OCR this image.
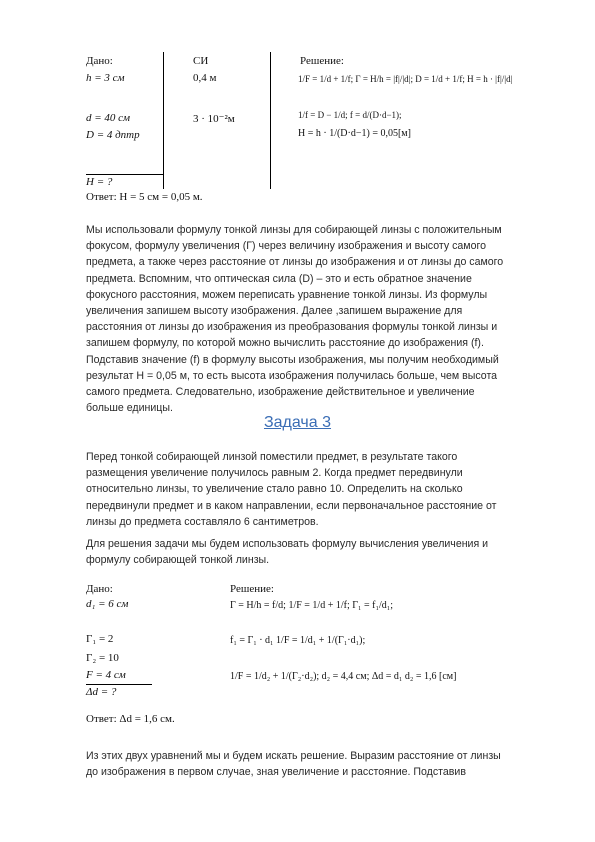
Дано:
h = 3 см
d = 40 см
D = 4 дптр
H = ?
Ответ: H = 5 см = 0,05 м.
СИ
0,4 м
3 · 10⁻²м
Решение:
1/F = 1/d + 1/f; Г = H/h = |f|/|d|; D = 1/d + 1/f; H = h · |f|/|d|
1/f = D − 1/d; f = d/(D·d−1);
H = h · 1/(D·d−1) = 0,05[м]
Мы использовали формулу тонкой линзы для собирающей линзы с положительным
фокусом, формулу увеличения (Г) через величину изображения и высоту самого
предмета, а также через расстояние от линзы до изображения и от линзы до самого
предмета. Вспомним, что оптическая сила (D) – это и есть обратное значение
фокусного расстояния, можем переписать уравнение тонкой линзы. Из формулы
увеличения запишем высоту изображения. Далее ,запишем выражение для
расстояния от линзы до изображения из преобразования формулы тонкой линзы и
запишем формулу, по которой можно вычислить расстояние до изображения (f).
Подставив значение (f) в формулу высоты изображения, мы получим необходимый
результат H = 0,05 м, то есть высота изображения получилась больше, чем высота
самого предмета. Следовательно, изображение действительное и увеличение
больше единицы.
Задача 3
Перед тонкой собирающей линзой поместили предмет, в результате такого
размещения увеличение получилось равным 2. Когда предмет передвинули
относительно линзы, то увеличение стало равно 10. Определить на сколько
передвинули предмет и в каком направлении, если первоначальное расстояние от
линзы до предмета составляло 6 сантиметров.
Для решения задачи мы будем использовать формулу вычисления увеличения и
формулу собирающей тонкой линзы.
Дано:
d₁ = 6 см
Г₁ = 2
Г₂ = 10
F = 4 см
Δd = ?
Ответ: Δd = 1,6 см.
Решение:
Г = H/h = f/d; 1/F = 1/d + 1/f; Г₁ = f₁/d₁;
f₁ = Г₁ · d₁ 1/F = 1/d₁ + 1/(Г₁·d₁);
1/F = 1/d₂ + 1/(Г₂·d₂); d₂ = 4,4 см; Δd = d₁ d₂ = 1,6 [см]
Из этих двух уравнений мы и будем искать решение. Выразим расстояние от линзы
до изображения в первом случае, зная увеличение и расстояние. Подставив
